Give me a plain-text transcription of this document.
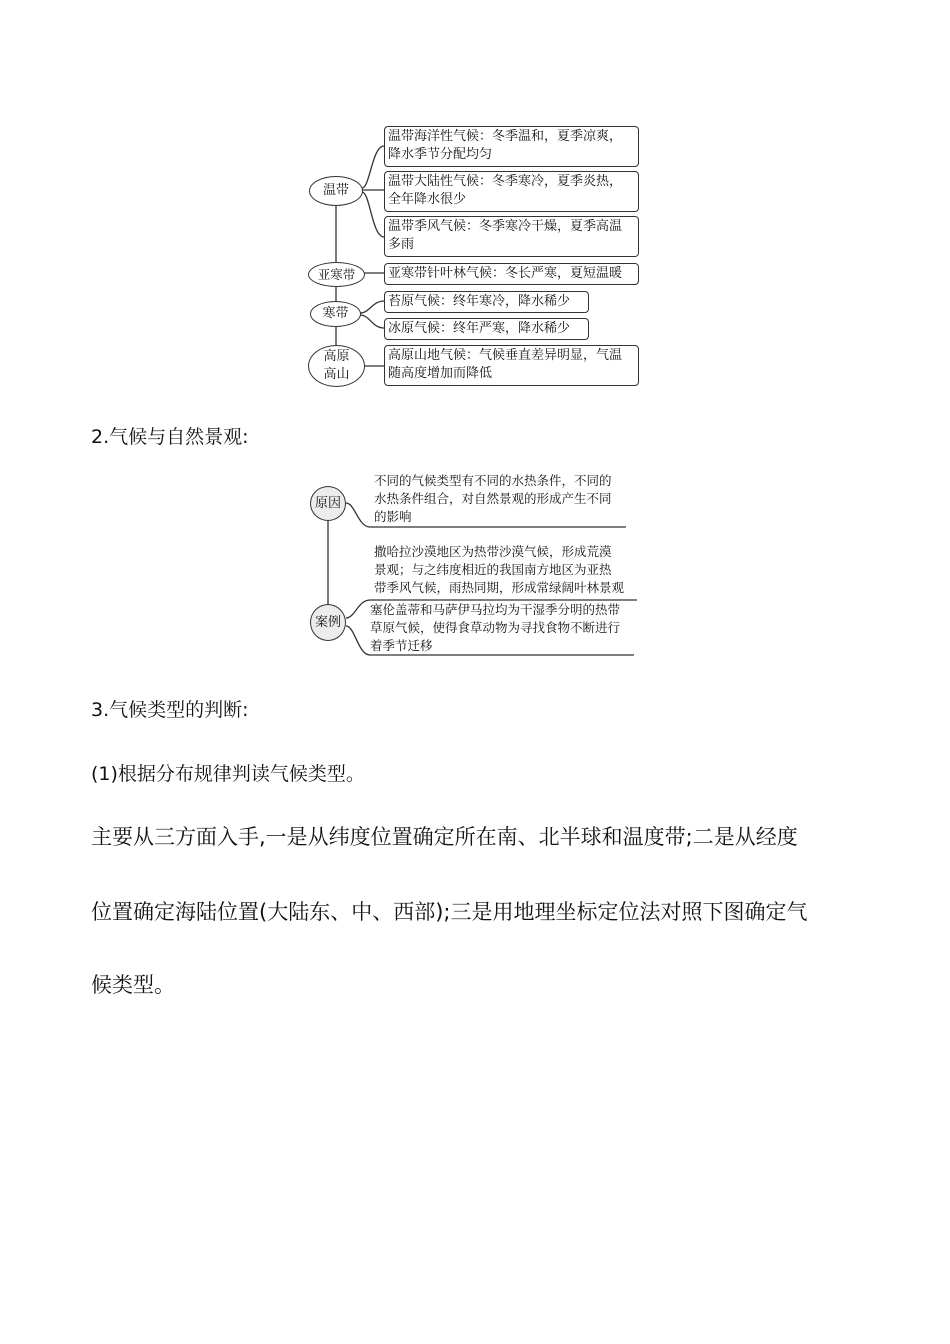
温带
亚寒带
寒带
高原
高山
温带海洋性气候：冬季温和，夏季凉爽，
降水季节分配均匀
温带大陆性气候：冬季寒冷，夏季炎热，
全年降水很少
温带季风气候：冬季寒冷干燥，夏季高温
多雨
亚寒带针叶林气候：冬长严寒，夏短温暖
苔原气候：终年寒冷，降水稀少
冰原气候：终年严寒，降水稀少
高原山地气候：气候垂直差异明显，气温
随高度增加而降低
2.气候与自然景观:
原因
案例
不同的气候类型有不同的水热条件，不同的
水热条件组合，对自然景观的形成产生不同
的影响
撒哈拉沙漠地区为热带沙漠气候，形成荒漠
景观；与之纬度相近的我国南方地区为亚热
带季风气候，雨热同期，形成常绿阔叶林景观
塞伦盖蒂和马萨伊马拉均为干湿季分明的热带
草原气候，使得食草动物为寻找食物不断进行
着季节迁移
3.气候类型的判断:
(1)根据分布规律判读气候类型。
主要从三方面入手,一是从纬度位置确定所在南、北半球和温度带;二是从经度
位置确定海陆位置(大陆东、中、西部);三是用地理坐标定位法对照下图确定气
候类型。
